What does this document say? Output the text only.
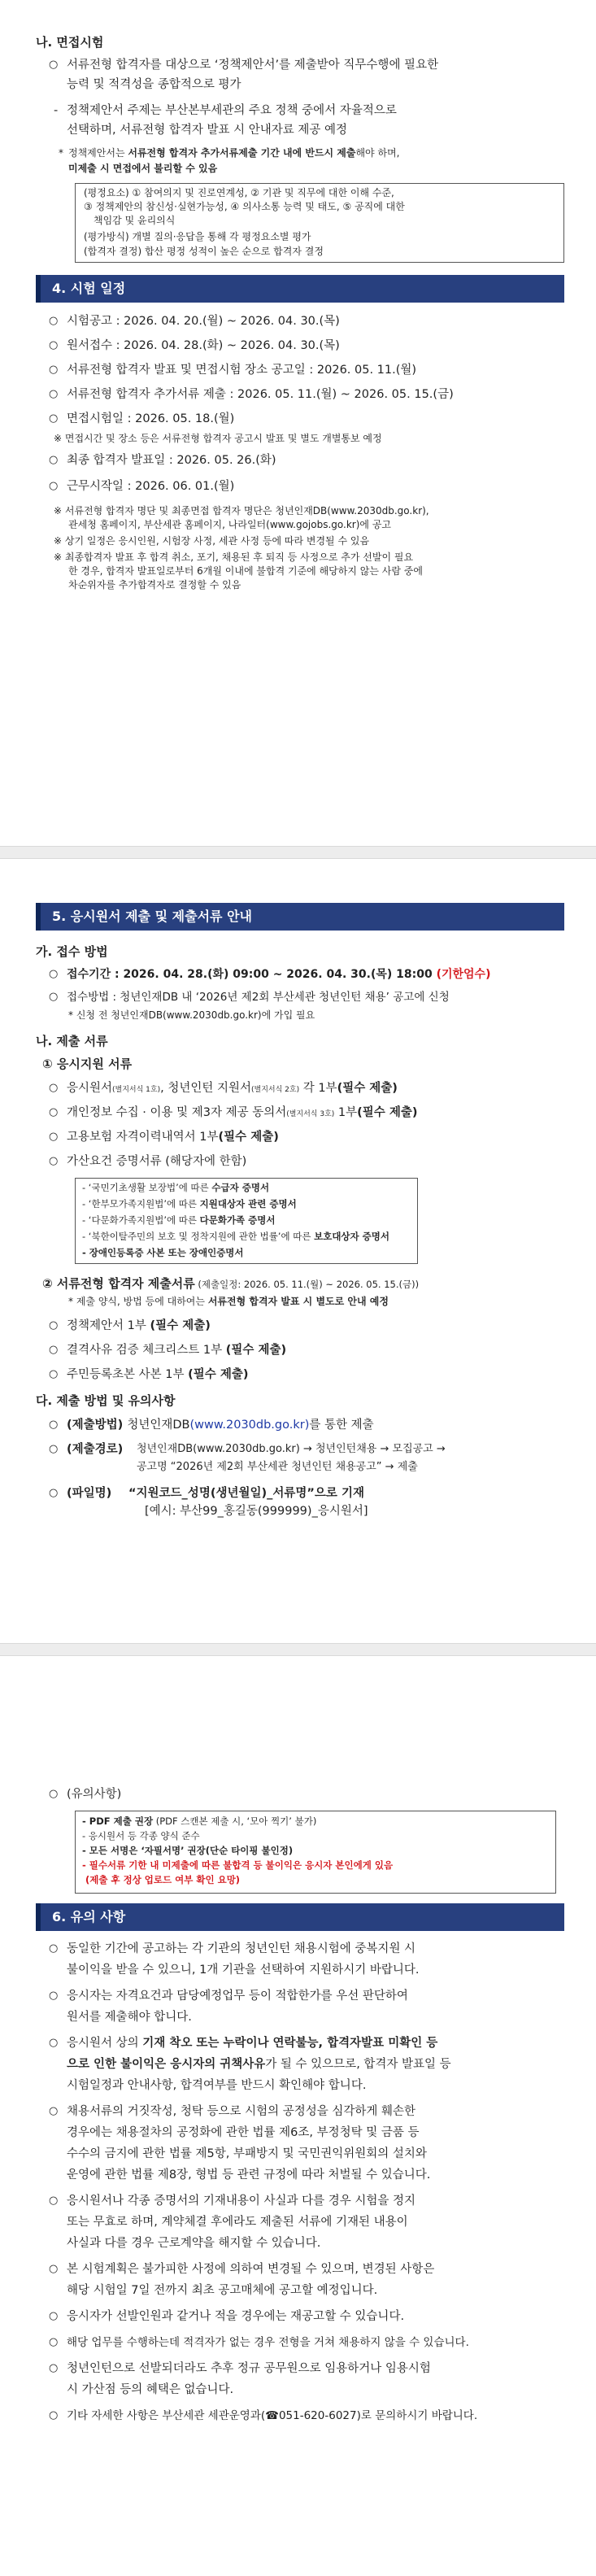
나. 면접시험
○ 서류전형 합격자를 대상으로 ‘정책제안서’를 제출받아 직무수행에 필요한
능력 및 적격성을 종합적으로 평가
- 정책제안서 주제는 부산본부세관의 주요 정책 중에서 자율적으로
선택하며, 서류전형 합격자 발표 시 안내자료 제공 예정
* 정책제안서는 서류전형 합격자 추가서류제출 기간 내에 반드시 제출해야 하며,
미제출 시 면접에서 불리할 수 있음
(평정요소) ① 참여의지 및 진로연계성, ② 기관 및 직무에 대한 이해 수준,
③ 정책제안의 참신성·실현가능성, ④ 의사소통 능력 및 태도, ⑤ 공직에 대한
책임감 및 윤리의식
(평가방식) 개별 질의·응답을 통해 각 평정요소별 평가
(합격자 결정) 합산 평정 성적이 높은 순으로 합격자 결정
4. 시험 일정
○ 시험공고 : 2026. 04. 20.(월) ~ 2026. 04. 30.(목)
○ 원서접수 : 2026. 04. 28.(화) ~ 2026. 04. 30.(목)
○ 서류전형 합격자 발표 및 면접시험 장소 공고일 : 2026. 05. 11.(월)
○ 서류전형 합격자 추가서류 제출 : 2026. 05. 11.(월) ~ 2026. 05. 15.(금)
○ 면접시험일 : 2026. 05. 18.(월)
※ 면접시간 및 장소 등은 서류전형 합격자 공고시 발표 및 별도 개별통보 예정
○ 최종 합격자 발표일 : 2026. 05. 26.(화)
○ 근무시작일 : 2026. 06. 01.(월)
※ 서류전형 합격자 명단 및 최종면접 합격자 명단은 청년인재DB(www.2030db.go.kr),
관세청 홈페이지, 부산세관 홈페이지, 나라일터(www.gojobs.go.kr)에 공고
※ 상기 일정은 응시인원, 시험장 사정, 세관 사정 등에 따라 변경될 수 있음
※ 최종합격자 발표 후 합격 취소, 포기, 채용된 후 퇴직 등 사정으로 추가 선발이 필요
한 경우, 합격자 발표일로부터 6개월 이내에 불합격 기준에 해당하지 않는 사람 중에
차순위자를 추가합격자로 결정할 수 있음
5. 응시원서 제출 및 제출서류 안내
가. 접수 방법
○ 접수기간 : 2026. 04. 28.(화) 09:00 ~ 2026. 04. 30.(목) 18:00 (기한엄수)
○ 접수방법 : 청년인재DB 내 ‘2026년 제2회 부산세관 청년인턴 채용’ 공고에 신청
* 신청 전 청년인재DB(www.2030db.go.kr)에 가입 필요
나. 제출 서류
① 응시지원 서류
○ 응시원서(별지서식 1호), 청년인턴 지원서(별지서식 2호) 각 1부(필수 제출)
○ 개인정보 수집 · 이용 및 제3자 제공 동의서(별지서식 3호) 1부(필수 제출)
○ 고용보험 자격이력내역서 1부(필수 제출)
○ 가산요건 증명서류 (해당자에 한함)
- ‘국민기초생활 보장법’에 따른 수급자 증명서
- ‘한부모가족지원법’에 따른 지원대상자 관련 증명서
- ‘다문화가족지원법’에 따른 다문화가족 증명서
- ‘북한이탈주민의 보호 및 정착지원에 관한 법률’에 따른 보호대상자 증명서
- 장애인등록증 사본 또는 장애인증명서
② 서류전형 합격자 제출서류 (제출일정: 2026. 05. 11.(월) ~ 2026. 05. 15.(금))
* 제출 양식, 방법 등에 대하여는 서류전형 합격자 발표 시 별도로 안내 예정
○ 정책제안서 1부 (필수 제출)
○ 결격사유 검증 체크리스트 1부 (필수 제출)
○ 주민등록초본 사본 1부 (필수 제출)
다. 제출 방법 및 유의사항
○ (제출방법) 청년인재DB(www.2030db.go.kr)를 통한 제출
○ (제출경로) 청년인재DB(www.2030db.go.kr) → 청년인턴채용 → 모집공고 →
공고명 “2026년 제2회 부산세관 청년인턴 채용공고” → 제출
○ (파일명) “지원코드_성명(생년월일)_서류명”으로 기재
[예시: 부산99_홍길동(999999)_응시원서]
○ (유의사항)
- PDF 제출 권장 (PDF 스캔본 제출 시, ‘모아 찍기’ 불가)
- 응시원서 등 각종 양식 준수
- 모든 서명은 ‘자필서명’ 권장(단순 타이핑 불인정)
- 필수서류 기한 내 미제출에 따른 불합격 등 불이익은 응시자 본인에게 있음
(제출 후 정상 업로드 여부 확인 요망)
6. 유의 사항
○ 동일한 기간에 공고하는 각 기관의 청년인턴 채용시험에 중복지원 시
불이익을 받을 수 있으니, 1개 기관을 선택하여 지원하시기 바랍니다.
○ 응시자는 자격요건과 담당예정업무 등이 적합한가를 우선 판단하여
원서를 제출해야 합니다.
○ 응시원서 상의 기재 착오 또는 누락이나 연락불능, 합격자발표 미확인 등
으로 인한 불이익은 응시자의 귀책사유가 될 수 있으므로, 합격자 발표일 등
시험일정과 안내사항, 합격여부를 반드시 확인해야 합니다.
○ 채용서류의 거짓작성, 청탁 등으로 시험의 공정성을 심각하게 훼손한
경우에는 채용절차의 공정화에 관한 법률 제6조, 부정청탁 및 금품 등
수수의 금지에 관한 법률 제5항, 부패방지 및 국민권익위원회의 설치와
운영에 관한 법률 제8장, 형법 등 관련 규정에 따라 처벌될 수 있습니다.
○ 응시원서나 각종 증명서의 기재내용이 사실과 다를 경우 시험을 정지
또는 무효로 하며, 계약체결 후에라도 제출된 서류에 기재된 내용이
사실과 다를 경우 근로계약을 해지할 수 있습니다.
○ 본 시험계획은 불가피한 사정에 의하여 변경될 수 있으며, 변경된 사항은
해당 시험일 7일 전까지 최초 공고매체에 공고할 예정입니다.
○ 응시자가 선발인원과 같거나 적을 경우에는 재공고할 수 있습니다.
○ 해당 업무를 수행하는데 적격자가 없는 경우 전형을 거쳐 채용하지 않을 수 있습니다.
○ 청년인턴으로 선발되더라도 추후 정규 공무원으로 임용하거나 임용시험
시 가산점 등의 혜택은 없습니다.
○ 기타 자세한 사항은 부산세관 세관운영과(☎051-620-6027)로 문의하시기 바랍니다.
